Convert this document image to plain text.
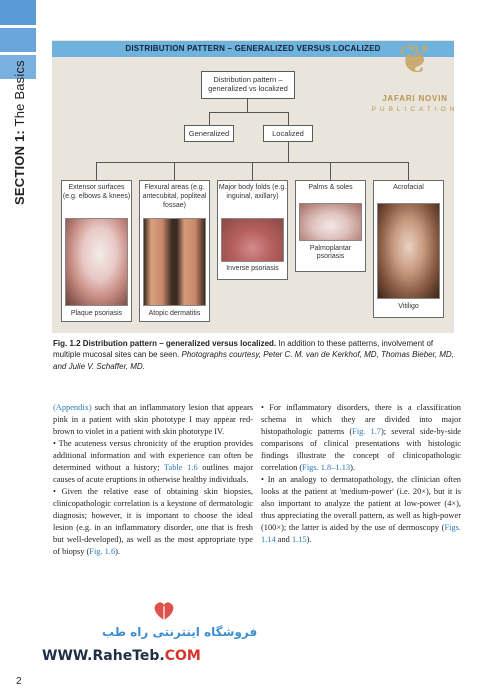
SECTION 1: The Basics
DISTRIBUTION PATTERN – GENERALIZED VERSUS LOCALIZED
Distribution pattern – generalized vs localized
Generalized	Localized
Extensor surfaces (e.g. elbows & knees)
Plaque psoriasis
Flexural areas (e.g. antecubital, popliteal fossae)
Atopic dermatitis
Major body folds (e.g. inguinal, axillary)
Inverse psoriasis
Palms & soles
Palmoplantar psoriasis
Acrofacial
Vitiligo
Fig. 1.2 Distribution pattern – generalized versus localized. In addition to these patterns, involvement of multiple mucosal sites can be seen. Photographs courtesy, Peter C. M. van de Kerkhof, MD, Thomas Bieber, MD, and Julie V. Schaffer, MD.

(Appendix) such that an inflammatory lesion that appears pink in a patient with skin phototype I may appear red-brown to violet in a patient with skin phototype IV.

• The acuteness versus chronicity of the eruption provides additional information and with experience can often be determined without a history; Table 1.6 outlines major causes of acute eruptions in otherwise healthy individuals.

• Given the relative ease of obtaining skin biopsies, clinicopathologic correlation is a keystone of dermatologic diagnosis; however, it is important to choose the ideal lesion (e.g. in an inflammatory disorder, one that is fresh but well-developed), as well as the most appropriate type of biopsy (Fig. 1.6).

• For inflammatory disorders, there is a classification schema in which they are divided into major histopathologic patterns (Fig. 1.7); several side-by-side comparisons of clinical presentations with histologic findings illustrate the concept of clinicopathologic correlation (Figs. 1.8–1.13).

• In an analogy to dermatopathology, the clinician often looks at the patient at 'medium-power' (i.e. 20×), but it is also important to analyze the patient at low-power (4×), thus appreciating the overall pattern, as well as high-power (100×); the latter is aided by the use of dermoscopy (Figs. 1.14 and 1.15).

❦
JAFARI NOVIN
PUBLICATION
فروشگاه اینترنتی راه طب
WWW.RaheTeb.COM
2
